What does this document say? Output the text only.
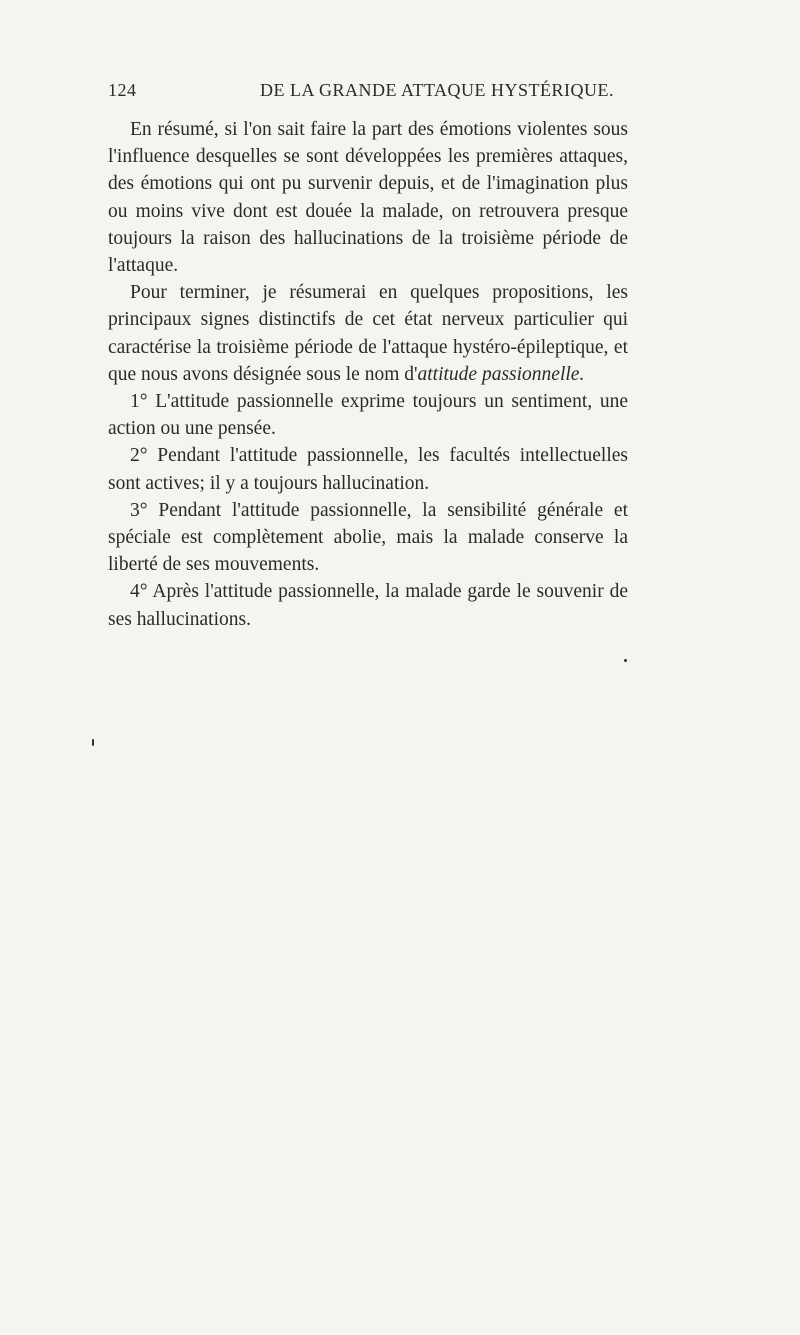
124	DE LA GRANDE ATTAQUE HYSTÉRIQUE.

En résumé, si l'on sait faire la part des émotions violentes sous l'influence desquelles se sont développées les premières attaques, des émotions qui ont pu survenir depuis, et de l'imagination plus ou moins vive dont est douée la malade, on retrouvera presque toujours la raison des hallucinations de la troisième période de l'attaque.

Pour terminer, je résumerai en quelques propositions, les principaux signes distinctifs de cet état nerveux particulier qui caractérise la troisième période de l'attaque hystéro-épileptique, et que nous avons désignée sous le nom d'attitude passionnelle.

1° L'attitude passionnelle exprime toujours un sentiment, une action ou une pensée.

2° Pendant l'attitude passionnelle, les facultés intellectuelles sont actives; il y a toujours hallucination.

3° Pendant l'attitude passionnelle, la sensibilité générale et spéciale est complètement abolie, mais la malade conserve la liberté de ses mouvements.

4° Après l'attitude passionnelle, la malade garde le souvenir de ses hallucinations.
